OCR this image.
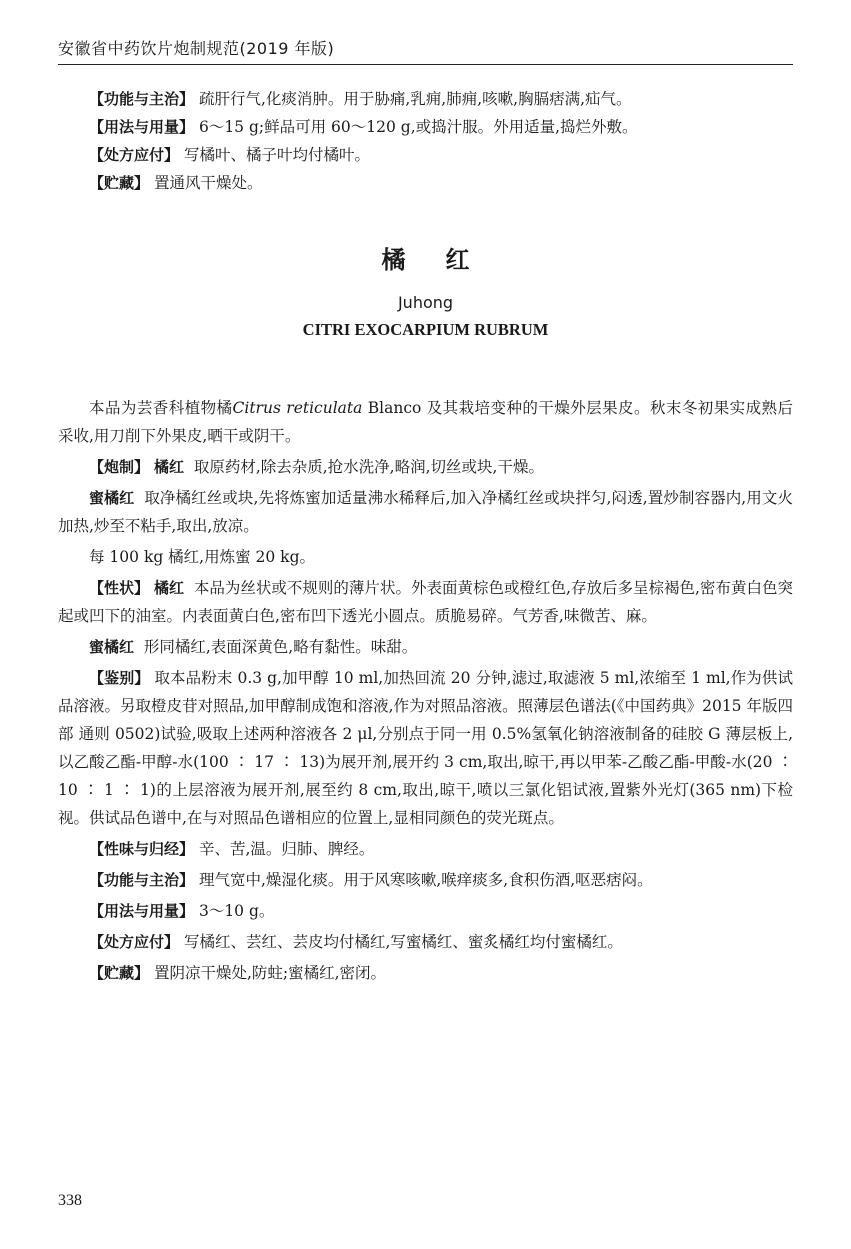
安徽省中药饮片炮制规范(2019 年版)

【功能与主治】 疏肝行气,化痰消肿。用于胁痛,乳痈,肺痈,咳嗽,胸膈痞满,疝气。

【用法与用量】 6～15 g;鲜品可用 60～120 g,或捣汁服。外用适量,捣烂外敷。

【处方应付】 写橘叶、橘子叶均付橘叶。

【贮藏】 置通风干燥处。

橘红
Juhong
CITRI EXOCARPIUM RUBRUM

本品为芸香科植物橘Citrus reticulata Blanco 及其栽培变种的干燥外层果皮。秋末冬初果实成熟后采收,用刀削下外果皮,晒干或阴干。

【炮制】 橘红 取原药材,除去杂质,抢水洗净,略润,切丝或块,干燥。

蜜橘红 取净橘红丝或块,先将炼蜜加适量沸水稀释后,加入净橘红丝或块拌匀,闷透,置炒制容器内,用文火加热,炒至不粘手,取出,放凉。

每 100 kg 橘红,用炼蜜 20 kg。

【性状】 橘红 本品为丝状或不规则的薄片状。外表面黄棕色或橙红色,存放后多呈棕褐色,密布黄白色突起或凹下的油室。内表面黄白色,密布凹下透光小圆点。质脆易碎。气芳香,味微苦、麻。

蜜橘红 形同橘红,表面深黄色,略有黏性。味甜。

【鉴别】 取本品粉末 0.3 g,加甲醇 10 ml,加热回流 20 分钟,滤过,取滤液 5 ml,浓缩至 1 ml,作为供试品溶液。另取橙皮苷对照品,加甲醇制成饱和溶液,作为对照品溶液。照薄层色谱法(《中国药典》2015 年版四部 通则 0502)试验,吸取上述两种溶液各 2 μl,分别点于同一用 0.5%氢氧化钠溶液制备的硅胶 G 薄层板上,以乙酸乙酯-甲醇-水(100 ∶ 17 ∶ 13)为展开剂,展开约 3 cm,取出,晾干,再以甲苯-乙酸乙酯-甲酸-水(20 ∶ 10 ∶ 1 ∶ 1)的上层溶液为展开剂,展至约 8 cm,取出,晾干,喷以三氯化铝试液,置紫外光灯(365 nm)下检视。供试品色谱中,在与对照品色谱相应的位置上,显相同颜色的荧光斑点。

【性味与归经】 辛、苦,温。归肺、脾经。

【功能与主治】 理气宽中,燥湿化痰。用于风寒咳嗽,喉痒痰多,食积伤酒,呕恶痞闷。

【用法与用量】 3～10 g。

【处方应付】 写橘红、芸红、芸皮均付橘红,写蜜橘红、蜜炙橘红均付蜜橘红。

【贮藏】 置阴凉干燥处,防蛀;蜜橘红,密闭。

338
